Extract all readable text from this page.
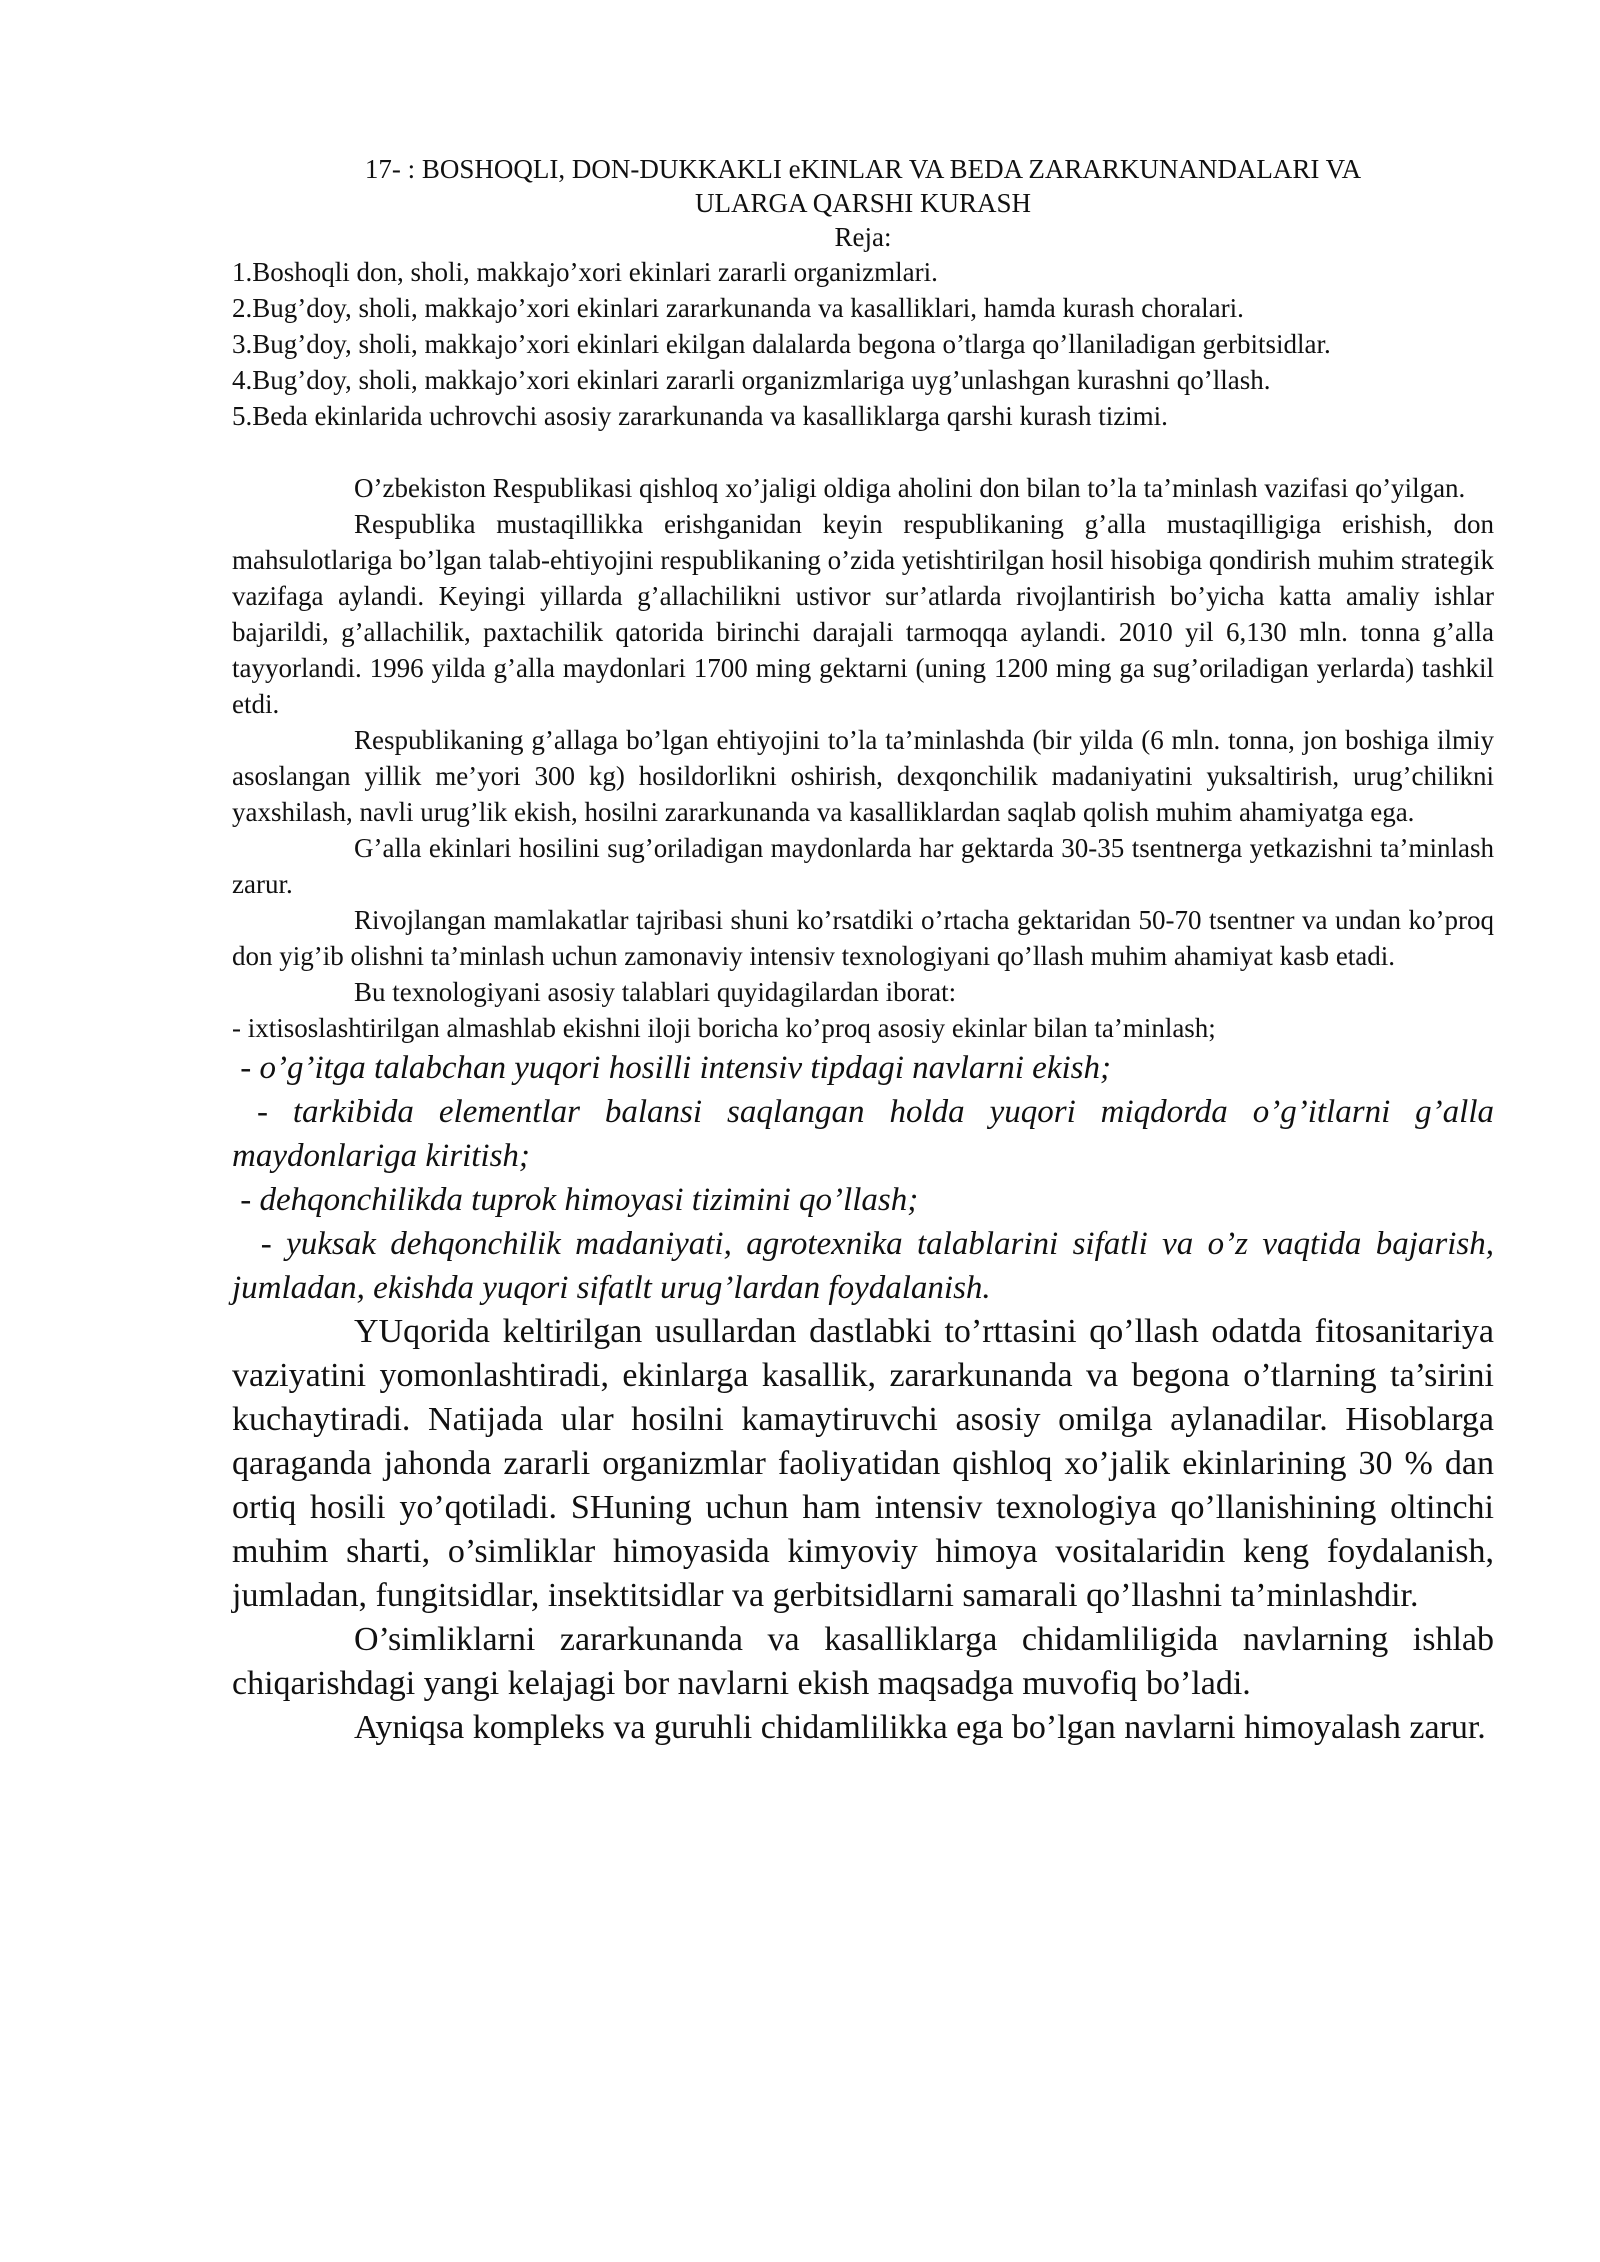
17- : BOSHOQLI, DON-DUKKAKLI eKINLAR VA BEDA ZARARKUNANDALARI VA

ULARGA QARSHI KURASH

Reja:

1.Boshoqli don, sholi, makkajo’xori ekinlari zararli organizmlari.
2.Bug’doy, sholi, makkajo’xori ekinlari zararkunanda va kasalliklari, hamda kurash choralari.
3.Bug’doy, sholi, makkajo’xori ekinlari ekilgan dalalarda begona o’tlarga qo’llaniladigan gerbitsidlar.
4.Bug’doy, sholi, makkajo’xori ekinlari zararli organizmlariga uyg’unlashgan kurashni qo’llash.
5.Beda ekinlarida uchrovchi asosiy zararkunanda va kasalliklarga qarshi kurash tizimi.

O’zbekiston Respublikasi qishloq xo’jaligi oldiga aholini don bilan to’la ta’minlash vazifasi qo’yilgan.

Respublika mustaqillikka erishganidan keyin respublikaning g’alla mustaqilligiga erishish, don mahsulotlariga bo’lgan talab-ehtiyojini respublikaning o’zida yetishtirilgan hosil hisobiga qondirish muhim strategik vazifaga aylandi. Keyingi yillarda g’allachilikni ustivor sur’atlarda rivojlantirish bo’yicha katta amaliy ishlar bajarildi, g’allachilik, paxtachilik qatorida birinchi darajali tarmoqqa aylandi. 2010 yil 6,130 mln. tonna g’alla tayyorlandi. 1996 yilda g’alla maydonlari 1700 ming gektarni (uning 1200 ming ga sug’oriladigan yerlarda) tashkil etdi.

Respublikaning g’allaga bo’lgan ehtiyojini to’la ta’minlashda (bir yilda (6 mln. tonna, jon boshiga ilmiy asoslangan yillik me’yori 300 kg) hosildorlikni oshirish, dexqonchilik madaniyatini yuksaltirish, urug’chilikni yaxshilash, navli urug’lik ekish, hosilni zararkunanda va kasalliklardan saqlab qolish muhim ahamiyatga ega.

G’alla ekinlari hosilini sug’oriladigan maydonlarda har gektarda 30-35 tsentnerga yetkazishni ta’minlash zarur.

Rivojlangan mamlakatlar tajribasi shuni ko’rsatdiki o’rtacha gektaridan 50-70 tsentner va undan ko’proq don yig’ib olishni ta’minlash uchun zamonaviy intensiv texnologiyani qo’llash muhim ahamiyat kasb etadi.

Bu texnologiyani asosiy talablari quyidagilardan iborat:

- ixtisoslashtirilgan almashlab ekishni iloji boricha ko’proq asosiy ekinlar bilan ta’minlash;

- o’g’itga talabchan yuqori hosilli intensiv tipdagi navlarni ekish;

- tarkibida elementlar balansi saqlangan holda yuqori miqdorda o’g’itlarni g’alla maydonlariga kiritish;

- dehqonchilikda tuprok himoyasi tizimini qo’llash;

- yuksak dehqonchilik madaniyati, agrotexnika talablarini sifatli va o’z vaqtida bajarish, jumladan, ekishda yuqori sifatlt urug’lardan foydalanish.

YUqorida keltirilgan usullardan dastlabki to’rttasini qo’llash odatda fitosanitariya vaziyatini yomonlashtiradi, ekinlarga kasallik, zararkunanda va begona o’tlarning ta’sirini kuchaytiradi. Natijada ular hosilni kamaytiruvchi asosiy omilga aylanadilar. Hisoblarga qaraganda jahonda zararli organizmlar faoliyatidan qishloq xo’jalik ekinlarining 30 % dan ortiq hosili yo’qotiladi. SHuning uchun ham intensiv texnologiya qo’llanishining oltinchi muhim sharti, o’simliklar himoyasida kimyoviy himoya vositalaridin keng foydalanish, jumladan, fungitsidlar, insektitsidlar va gerbitsidlarni samarali qo’llashni ta’minlashdir.

O’simliklarni zararkunanda va kasalliklarga chidamliligida navlarning ishlab chiqarishdagi yangi kelajagi bor navlarni ekish maqsadga muvofiq bo’ladi.

Ayniqsa kompleks va guruhli chidamlilikka ega bo’lgan navlarni himoyalash zarur.
